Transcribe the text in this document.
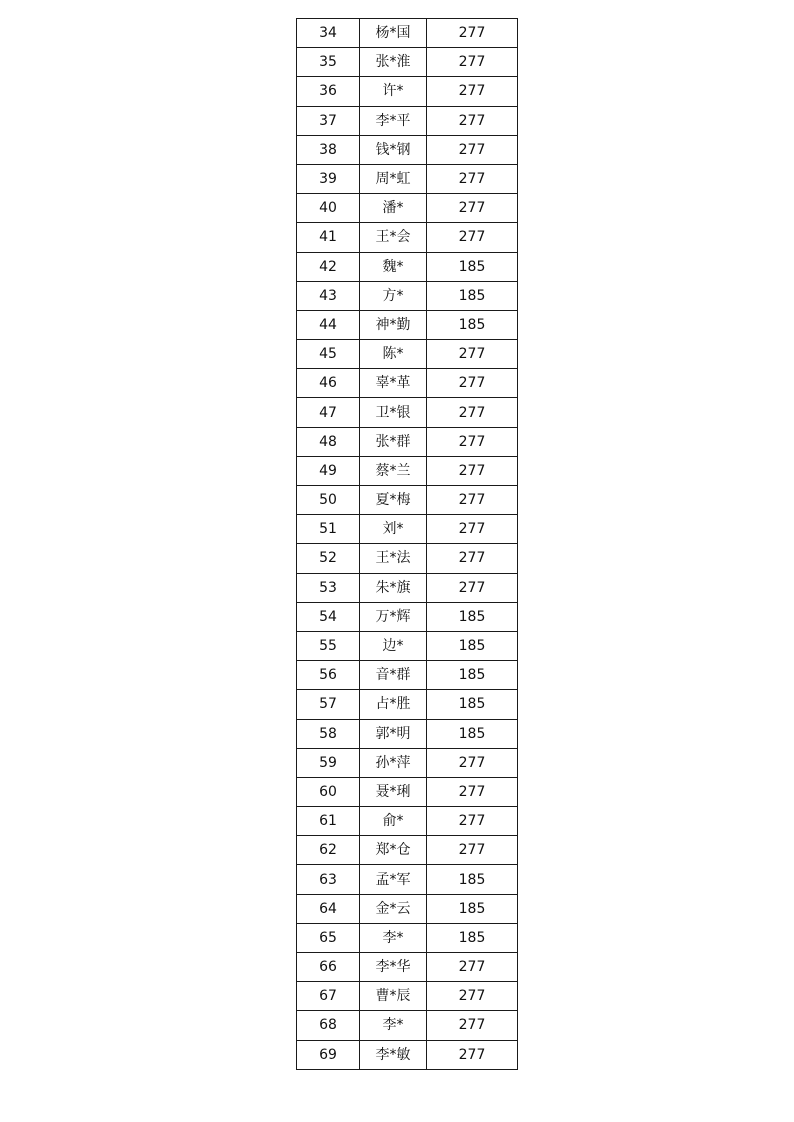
34	杨*国	277
35	张*淮	277
36	许*	277
37	李*平	277
38	钱*钢	277
39	周*虹	277
40	潘*	277
41	王*会	277
42	魏*	185
43	方*	185
44	神*勤	185
45	陈*	277
46	辜*革	277
47	卫*银	277
48	张*群	277
49	蔡*兰	277
50	夏*梅	277
51	刘*	277
52	王*法	277
53	朱*旗	277
54	万*辉	185
55	边*	185
56	音*群	185
57	占*胜	185
58	郭*明	185
59	孙*萍	277
60	聂*琍	277
61	俞*	277
62	郑*仓	277
63	孟*军	185
64	金*云	185
65	李*	185
66	李*华	277
67	曹*辰	277
68	李*	277
69	李*敏	277
